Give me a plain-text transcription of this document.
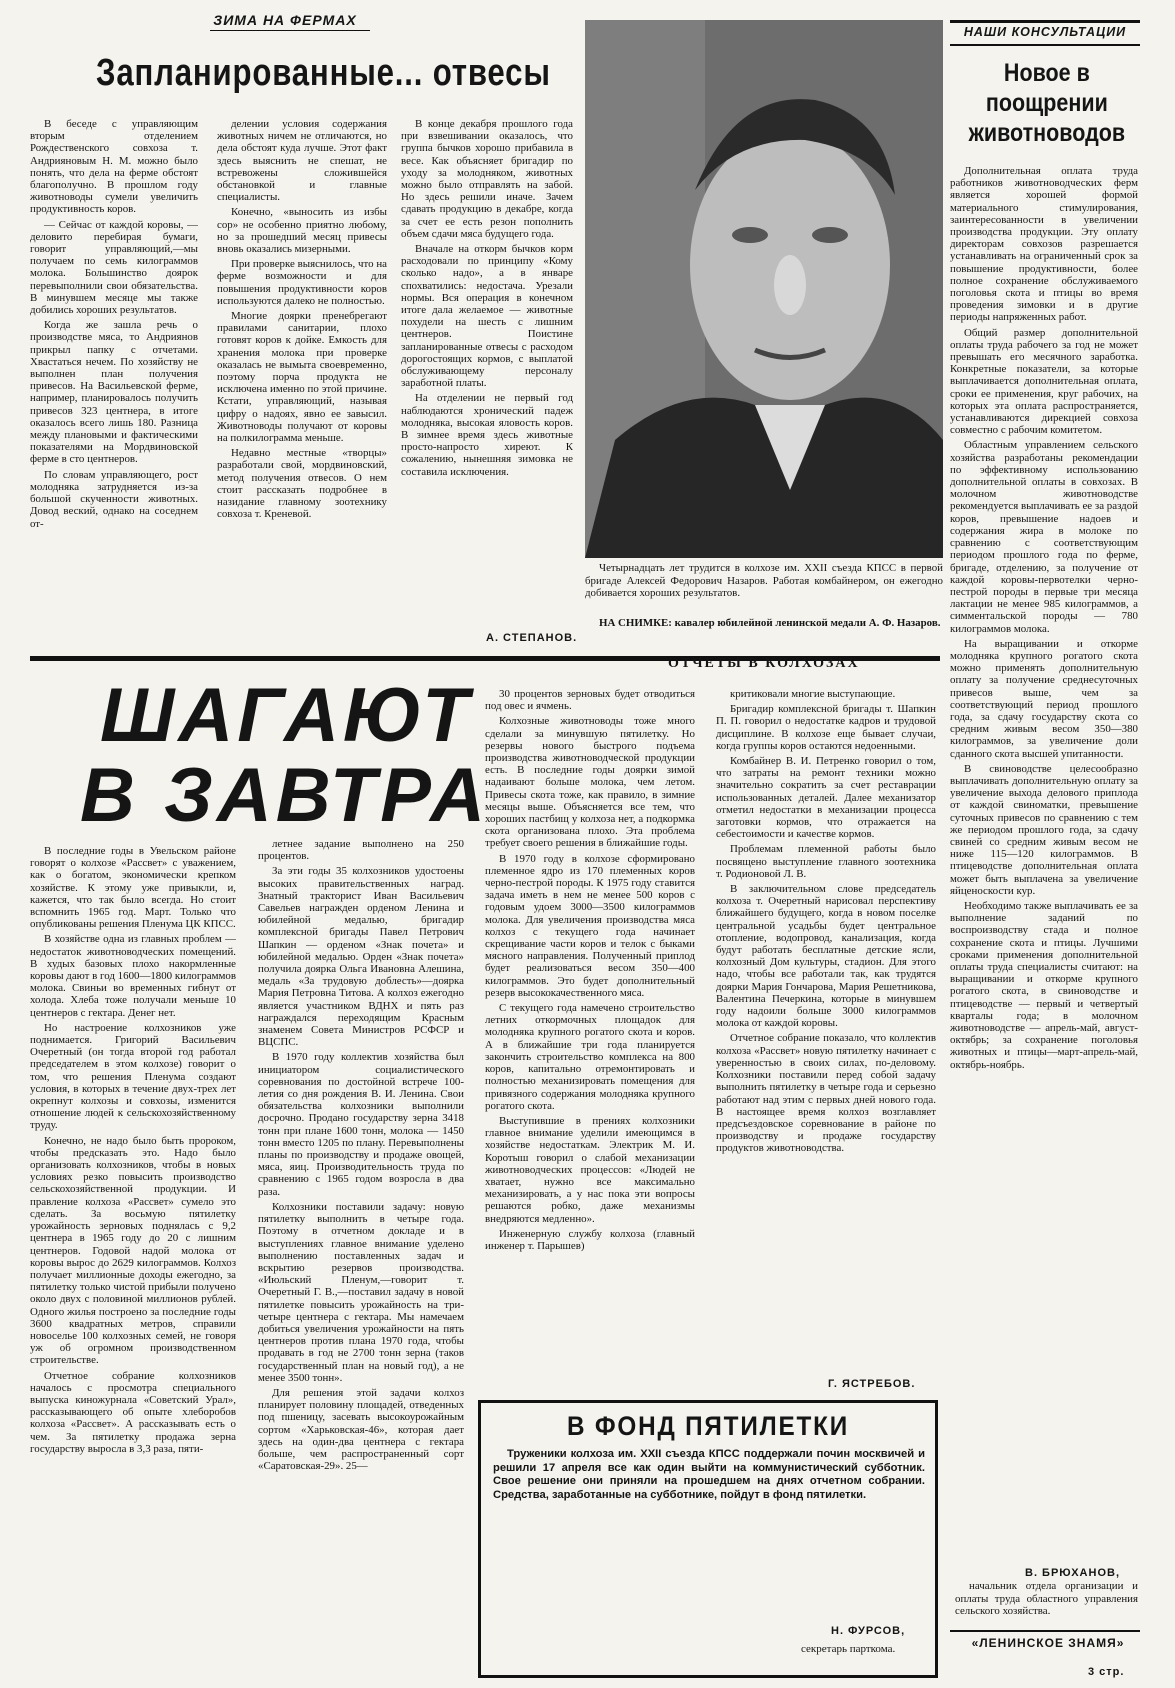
ЗИМА НА ФЕРМАХ
Запланированные... отвесы

В беседе с управляющим вторым отделением Рождественского совхоза т. Андрияновым Н. М. можно было понять, что дела на ферме обстоят благополучно. В прошлом году животноводы сумели увеличить продуктивность коров.

— Сейчас от каждой коровы, — деловито перебирая бумаги, говорит управляющий,—мы получаем по семь килограммов молока. Большинство доярок перевыполнили свои обязательства. В минувшем месяце мы также добились хороших результатов.

Когда же зашла речь о производстве мяса, то Андриянов прикрыл папку с отчетами. Хвастаться нечем. По хозяйству не выполнен план получения привесов. На Васильевской ферме, например, планировалось получить привесов 323 центнера, в итоге оказалось всего лишь 180. Разница между плановыми и фактическими показателями на Мордвиновской ферме в сто центнеров.

По словам управляющего, рост молодняка затрудняется из-за большой скученности животных. Довод веский, однако на соседнем от-

делении условия содержания животных ничем не отличаются, но дела обстоят куда лучше. Этот факт здесь выяснить не спешат, не встревожены сложившейся обстановкой и главные специалисты.

Конечно, «выносить из избы сор» не особенно приятно любому, но за прошедший месяц привесы вновь оказались мизерными.

При проверке выяснилось, что на ферме возможности и для повышения продуктивности коров используются далеко не полностью.

Многие доярки пренебрегают правилами санитарии, плохо готовят коров к дойке. Емкость для хранения молока при проверке оказалась не вымыта своевременно, поэтому порча продукта не исключена именно по этой причине. Кстати, управляющий, называя цифру о надоях, явно ее завысил. Животноводы получают от коровы на полкилограмма меньше.

Недавно местные «творцы» разработали свой, мордвиновский, метод получения отвесов. О нем стоит рассказать подробнее в назидание главному зоотехнику совхоза т. Креневой.

В конце декабря прошлого года при взвешивании оказалось, что группа бычков хорошо прибавила в весе. Как объясняет бригадир по уходу за молодняком, животных можно было отправлять на забой. Но здесь решили иначе. Зачем сдавать продукцию в декабре, когда за счет ее есть резон пополнить объем сдачи мяса будущего года.

Вначале на откорм бычков корм расходовали по принципу «Кому сколько надо», а в январе спохватились: недостача. Урезали нормы. Вся операция в конечном итоге дала желаемое — животные похудели на шесть с лишним центнеров. Поистине запланированные отвесы с расходом дорогостоящих кормов, с выплатой обслуживающему персоналу заработной платы.

На отделении не первый год наблюдаются хронический падеж молодняка, высокая яловость коров. В зимнее время здесь животные просто-напросто хиреют. К сожалению, нынешняя зимовка не составила исключения.

А. СТЕПАНОВ.
Четырнадцать лет трудится в колхозе им. XXII съезда КПСС в первой бригаде Алексей Федорович Назаров. Работая комбайнером, он ежегодно добивается хороших результатов.
НА СНИМКЕ: кавалер юбилейной ленинской медали А. Ф. Назаров.
НАШИ КОНСУЛЬТАЦИИ
Новое в поощрении животноводов

Дополнительная оплата труда работников животноводческих ферм является хорошей формой материального стимулирования, заинтересованности в увеличении производства продукции. Эту оплату директорам совхозов разрешается устанавливать на ограниченный срок за повышение продуктивности, более полное сохранение обслуживаемого поголовья скота и птицы во время проведения зимовки и в другие периоды напряженных работ.

Общий размер дополнительной оплаты труда рабочего за год не может превышать его месячного заработка. Конкретные показатели, за которые выплачивается дополнительная оплата, сроки ее применения, круг рабочих, на которых эта оплата распространяется, устанавливаются дирекцией совхоза совместно с рабочим комитетом.

Областным управлением сельского хозяйства разработаны рекомендации по эффективному использованию дополнительной оплаты в совхозах. В молочном животноводстве рекомендуется выплачивать ее за раздой коров, превышение надоев и содержания жира в молоке по сравнению с соответствующим периодом прошлого года по ферме, бригаде, отделению, за получение от каждой коровы-первотелки черно-пестрой породы в первые три месяца лактации не менее 985 килограммов, а симментальской породы — 780 килограммов молока.

На выращивании и откорме молодняка крупного рогатого скота можно применять дополнительную оплату за получение среднесуточных привесов выше, чем за соответствующий период прошлого года, за сдачу государству скота со средним живым весом 350—380 килограммов, за увеличение доли сданного скота высшей упитанности.

В свиноводстве целесообразно выплачивать дополнительную оплату за увеличение выхода делового приплода от каждой свиноматки, превышение суточных привесов по сравнению с тем же периодом прошлого года, за сдачу свиней со средним живым весом не ниже 115—120 килограммов. В птицеводстве дополнительная оплата может быть выплачена за увеличение яйценоскости кур.

Необходимо также выплачивать ее за выполнение заданий по воспроизводству стада и полное сохранение скота и птицы. Лучшими сроками применения дополнительной оплаты труда специалисты считают: на выращивании и откорме крупного рогатого скота, в свиноводстве и птицеводстве — первый и четвертый кварталы года; в молочном животноводстве — апрель-май, август-октябрь; за сохранение поголовья животных и птицы—март-апрель-май, октябрь-ноябрь.

В. БРЮХАНОВ,
начальник отдела организации и оплаты труда областного управления сельского хозяйства.
«ЛЕНИНСКОЕ ЗНАМЯ»
3 стр.
ШАГАЮТ
В ЗАВТРА
ОТЧЕТЫ В КОЛХОЗАХ

В последние годы в Увельском районе говорят о колхозе «Рассвет» с уважением, как о богатом, экономически крепком хозяйстве. К этому уже привыкли, и, кажется, что так было всегда. Но стоит вспомнить 1965 год. Март. Только что опубликованы решения Пленума ЦК КПСС.

В хозяйстве одна из главных проблем — недостаток животноводческих помещений. В худых базовых плохо накормленные коровы дают в год 1600—1800 килограммов молока. Свиньи во временных гибнут от холода. Хлеба тоже получали меньше 10 центнеров с гектара. Денег нет.

Но настроение колхозников уже поднимается. Григорий Васильевич Очеретный (он тогда второй год работал председателем в этом колхозе) говорит о том, что решения Пленума создают условия, в которых в течение двух-трех лет окрепнут колхозы и совхозы, изменится отношение людей к сельскохозяйственному труду.

Конечно, не надо было быть пророком, чтобы предсказать это. Надо было организовать колхозников, чтобы в новых условиях резко повысить производство сельскохозяйственной продукции. И правление колхоза «Рассвет» сумело это сделать. За восьмую пятилетку урожайность зерновых поднялась с 9,2 центнера в 1965 году до 20 с лишним центнеров. Годовой надой молока от коровы вырос до 2629 килограммов. Колхоз получает миллионные доходы ежегодно, за пятилетку только чистой прибыли получено около двух с половиной миллионов рублей. Одного жилья построено за последние годы 3600 квадратных метров, справили новоселье 100 колхозных семей, не говоря уж об огромном производственном строительстве.

Отчетное собрание колхозников началось с просмотра специального выпуска киножурнала «Советский Урал», рассказывающего об опыте хлеборобов колхоза «Рассвет». А рассказывать есть о чем. За пятилетку продажа зерна государству выросла в 3,3 раза, пяти-

летнее задание выполнено на 250 процентов.

За эти годы 35 колхозников удостоены высоких правительственных наград. Знатный тракторист Иван Васильевич Савельев награжден орденом Ленина и юбилейной медалью, бригадир комплексной бригады Павел Петрович Шапкин — орденом «Знак почета» и юбилейной медалью. Орден «Знак почета» получила доярка Ольга Ивановна Алешина, медаль «За трудовую доблесть»—доярка Мария Петровна Титова. А колхоз ежегодно является участником ВДНХ и пять раз награждался переходящим Красным знаменем Совета Министров РСФСР и ВЦСПС.

В 1970 году коллектив хозяйства был инициатором социалистического соревнования по достойной встрече 100-летия со дня рождения В. И. Ленина. Свои обязательства колхозники выполнили досрочно. Продано государству зерна 3418 тонн при плане 1600 тонн, молока — 1450 тонн вместо 1205 по плану. Перевыполнены планы по производству и продаже овощей, мяса, яиц. Производительность труда по сравнению с 1965 годом возросла в два раза.

Колхозники поставили задачу: новую пятилетку выполнить в четыре года. Поэтому в отчетном докладе и в выступлениях главное внимание уделено выполнению поставленных задач и вскрытию резервов производства. «Июльский Пленум,—говорит т. Очеретный Г. В.,—поставил задачу в новой пятилетке повысить урожайность на три-четыре центнера с гектара. Мы намечаем добиться увеличения урожайности на пять центнеров против плана 1970 года, чтобы продавать в год не 2700 тонн зерна (таков государственный план на новый год), а не менее 3500 тонн».

Для решения этой задачи колхоз планирует половину площадей, отведенных под пшеницу, засевать высокоурожайным сортом «Харьковская-46», которая дает здесь на один-два центнера с гектара больше, чем распространенный сорт «Саратовская-29». 25—

30 процентов зерновых будет отводиться под овес и ячмень.

Колхозные животноводы тоже много сделали за минувшую пятилетку. Но резервы нового быстрого подъема производства животноводческой продукции есть. В последние годы доярки зимой надаивают больше молока, чем летом. Привесы скота тоже, как правило, в зимние месяцы выше. Объясняется все тем, что хороших пастбищ у колхоза нет, а подкормка скота организована плохо. Эта проблема требует своего решения в ближайшие годы.

В 1970 году в колхозе сформировано племенное ядро из 170 племенных коров черно-пестрой породы. К 1975 году ставится задача иметь в нем не менее 500 коров с годовым удоем 3000—3500 килограммов молока. Для увеличения производства мяса колхоз с текущего года начинает скрещивание части коров и телок с быками мясного направления. Полученный приплод будет реализоваться весом 350—400 килограммов. Это будет дополнительный резерв высококачественного мяса.

С текущего года намечено строительство летних откормочных площадок для молодняка крупного рогатого скота и коров. А в ближайшие три года планируется закончить строительство комплекса на 800 коров, капитально отремонтировать и полностью механизировать помещения для привязного содержания молодняка крупного рогатого скота.

Выступившие в прениях колхозники главное внимание уделили имеющимся в хозяйстве недостаткам. Электрик М. И. Коротыш говорил о слабой механизации животноводческих процессов: «Людей не хватает, нужно все максимально механизировать, а у нас пока эти вопросы решаются робко, даже механизмы внедряются медленно».

Инженерную службу колхоза (главный инженер т. Парышев)

критиковали многие выступающие.

Бригадир комплексной бригады т. Шапкин П. П. говорил о недостатке кадров и трудовой дисциплине. В колхозе еще бывает случаи, когда группы коров остаются недоенными.

Комбайнер В. И. Петренко говорил о том, что затраты на ремонт техники можно значительно сократить за счет реставрации использованных деталей. Далее механизатор отметил недостатки в механизации процесса заготовки кормов, что отражается на себестоимости и качестве кормов.

Проблемам племенной работы было посвящено выступление главного зоотехника т. Родионовой Л. В.

В заключительном слове председатель колхоза т. Очеретный нарисовал перспективу ближайшего будущего, когда в новом поселке центральной усадьбы будет центральное отопление, водопровод, канализация, когда будут работать бесплатные детские ясли, колхозный Дом культуры, стадион. Для этого надо, чтобы все работали так, как трудятся доярки Мария Гончарова, Мария Решетникова, Валентина Печеркина, которые в минувшем году надоили больше 3000 килограммов молока от каждой коровы.

Отчетное собрание показало, что коллектив колхоза «Рассвет» новую пятилетку начинает с уверенностью в своих силах, по-деловому. Колхозники поставили перед собой задачу выполнить пятилетку в четыре года и серьезно работают над этим с первых дней нового года. В настоящее время колхоз возглавляет предсъездовское соревнование в районе по производству и продаже государству продуктов животноводства.

Г. ЯСТРЕБОВ.
В ФОНД ПЯТИЛЕТКИ
Труженики колхоза им. XXII съезда КПСС поддержали почин москвичей и решили 17 апреля все как один выйти на коммунистический субботник. Свое решение они приняли на прошедшем на днях отчетном собрании. Средства, заработанные на субботнике, пойдут в фонд пятилетки.
Н. ФУРСОВ,
секретарь парткома.
